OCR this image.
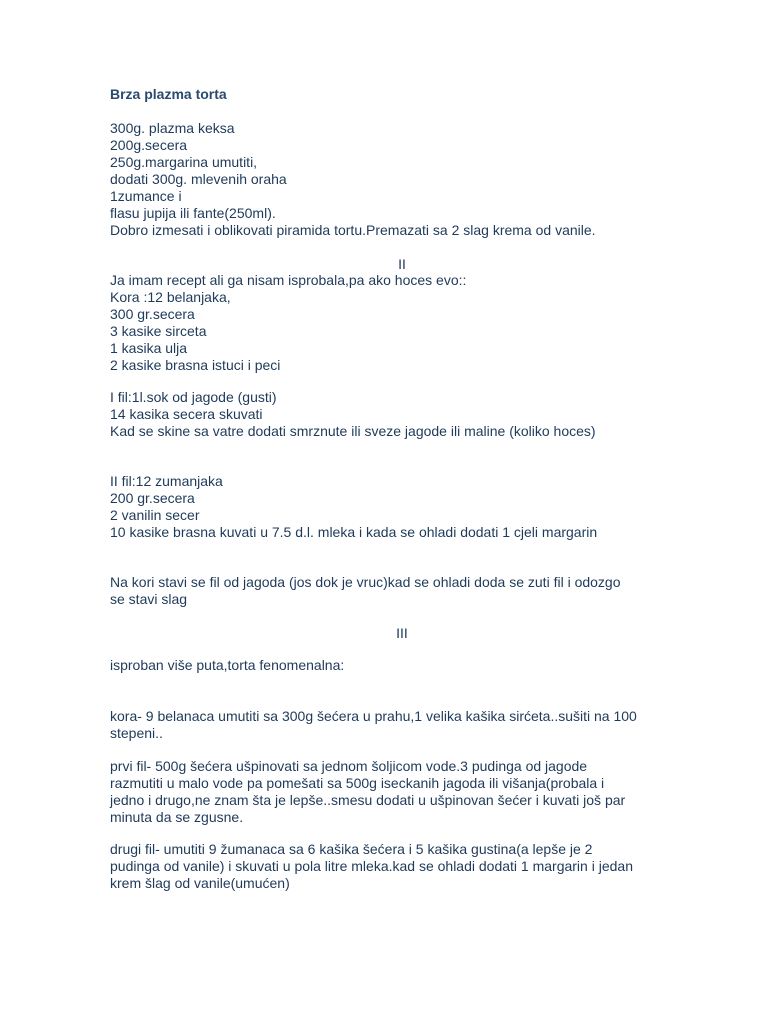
Brza plazma torta
300g. plazma keksa
200g.secera
250g.margarina umutiti,
dodati 300g. mlevenih oraha
1zumance i
flasu jupija ili fante(250ml).
Dobro izmesati i oblikovati piramida tortu.Premazati sa 2 slag krema od vanile.
II
Ja imam recept ali ga nisam isprobala,pa ako hoces evo::
Kora :12 belanjaka,
300 gr.secera
3 kasike sirceta
1 kasika ulja
2 kasike brasna istuci i peci
I fil:1l.sok od jagode (gusti)
14 kasika secera skuvati
Kad se skine sa vatre dodati smrznute ili sveze jagode ili maline (koliko hoces)
II fil:12 zumanjaka
200 gr.secera
2 vanilin secer
10 kasike brasna kuvati u 7.5 d.l. mleka i kada se ohladi dodati 1 cjeli margarin
Na kori stavi se fil od jagoda (jos dok je vruc)kad se ohladi doda se zuti fil i odozgo
se stavi slag
III
isproban više puta,torta fenomenalna:
kora- 9 belanaca umutiti sa 300g šećera u prahu,1 velika kašika sirćeta..sušiti na 100
stepeni..
prvi fil- 500g šećera ušpinovati sa jednom šoljicom vode.3 pudinga od jagode
razmutiti u malo vode pa pomešati sa 500g iseckanih jagoda ili višanja(probala i
jedno i drugo,ne znam šta je lepše..smesu dodati u ušpinovan šećer i kuvati još par
minuta da se zgusne.
drugi fil- umutiti 9 žumanaca sa 6 kašika šećera i 5 kašika gustina(a lepše je 2
pudinga od vanile) i skuvati u pola litre mleka.kad se ohladi dodati 1 margarin i jedan
krem šlag od vanile(umućen)
